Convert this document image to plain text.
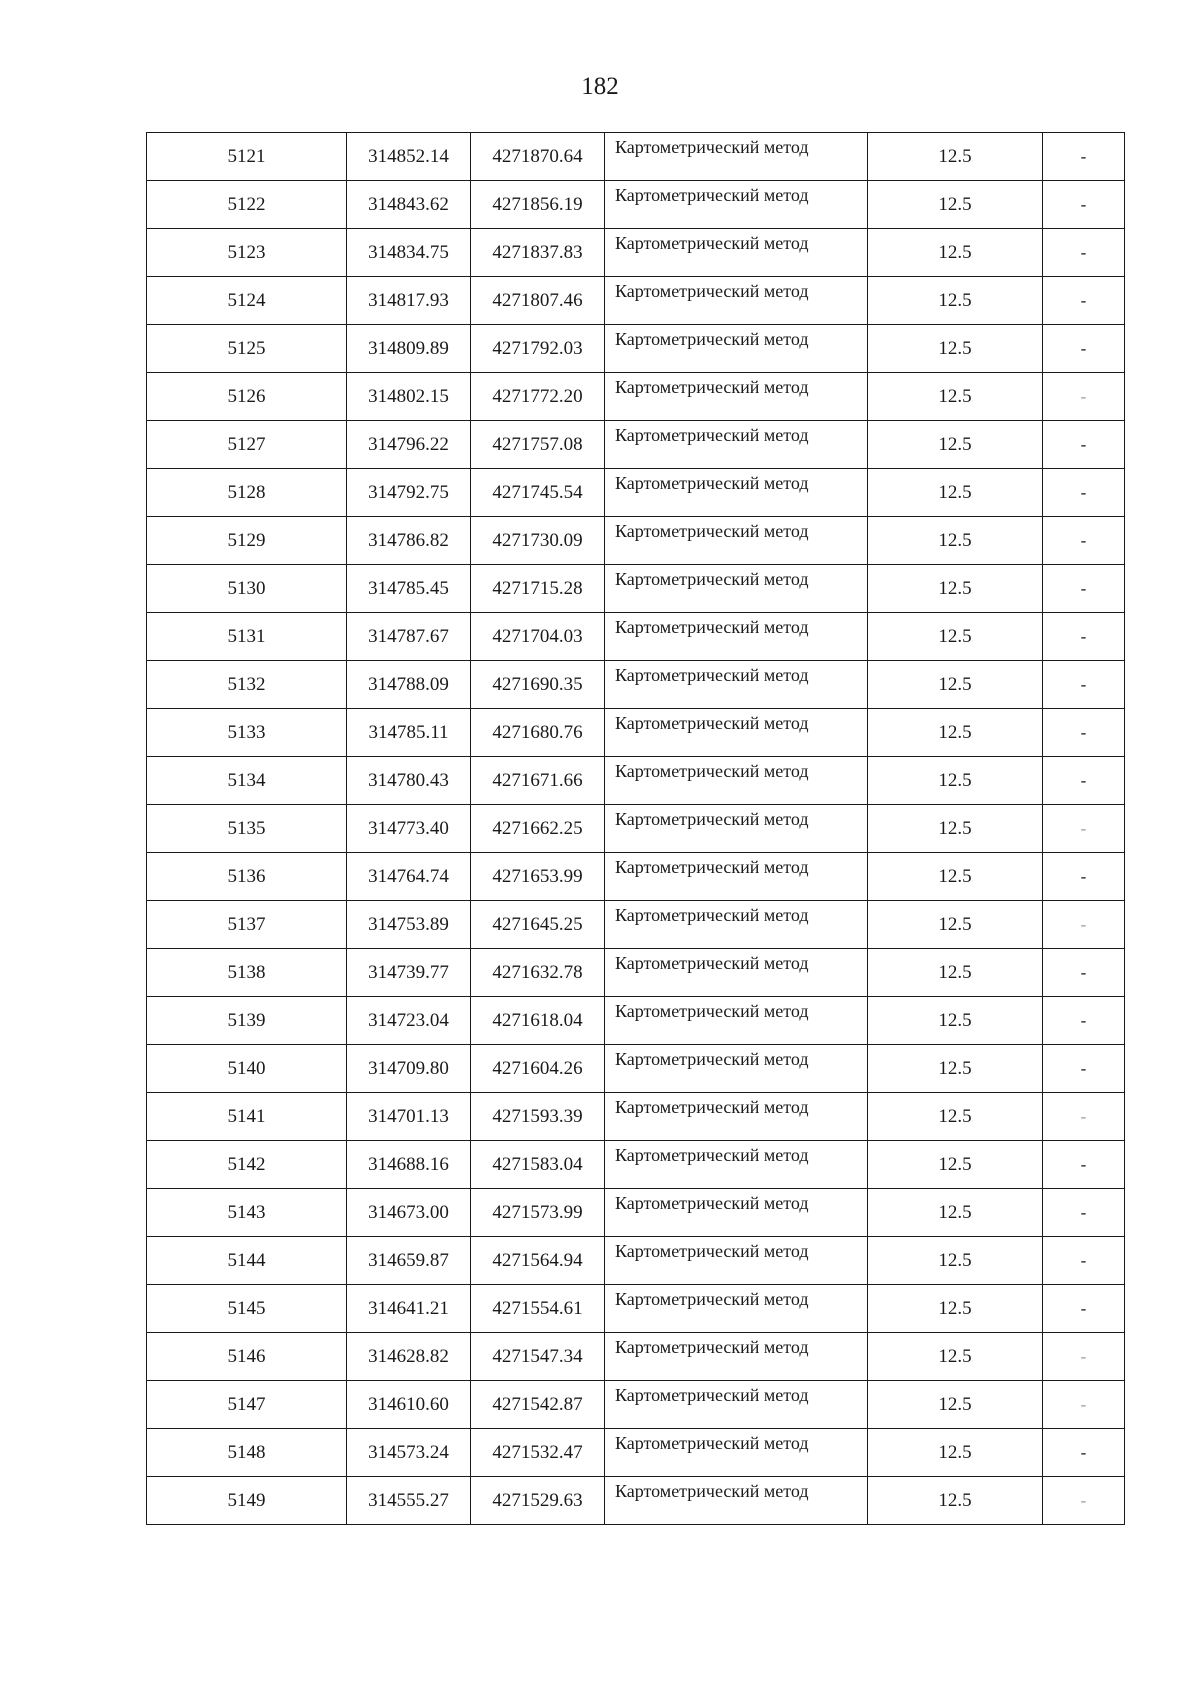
182
5121	314852.14	4271870.64	Картометрический метод	12.5	-
5122	314843.62	4271856.19	Картометрический метод	12.5	-
5123	314834.75	4271837.83	Картометрический метод	12.5	-
5124	314817.93	4271807.46	Картометрический метод	12.5	-
5125	314809.89	4271792.03	Картометрический метод	12.5	-
5126	314802.15	4271772.20	Картометрический метод	12.5	-
5127	314796.22	4271757.08	Картометрический метод	12.5	-
5128	314792.75	4271745.54	Картометрический метод	12.5	-
5129	314786.82	4271730.09	Картометрический метод	12.5	-
5130	314785.45	4271715.28	Картометрический метод	12.5	-
5131	314787.67	4271704.03	Картометрический метод	12.5	-
5132	314788.09	4271690.35	Картометрический метод	12.5	-
5133	314785.11	4271680.76	Картометрический метод	12.5	-
5134	314780.43	4271671.66	Картометрический метод	12.5	-
5135	314773.40	4271662.25	Картометрический метод	12.5	-
5136	314764.74	4271653.99	Картометрический метод	12.5	-
5137	314753.89	4271645.25	Картометрический метод	12.5	-
5138	314739.77	4271632.78	Картометрический метод	12.5	-
5139	314723.04	4271618.04	Картометрический метод	12.5	-
5140	314709.80	4271604.26	Картометрический метод	12.5	-
5141	314701.13	4271593.39	Картометрический метод	12.5	-
5142	314688.16	4271583.04	Картометрический метод	12.5	-
5143	314673.00	4271573.99	Картометрический метод	12.5	-
5144	314659.87	4271564.94	Картометрический метод	12.5	-
5145	314641.21	4271554.61	Картометрический метод	12.5	-
5146	314628.82	4271547.34	Картометрический метод	12.5	-
5147	314610.60	4271542.87	Картометрический метод	12.5	-
5148	314573.24	4271532.47	Картометрический метод	12.5	-
5149	314555.27	4271529.63	Картометрический метод	12.5	-
